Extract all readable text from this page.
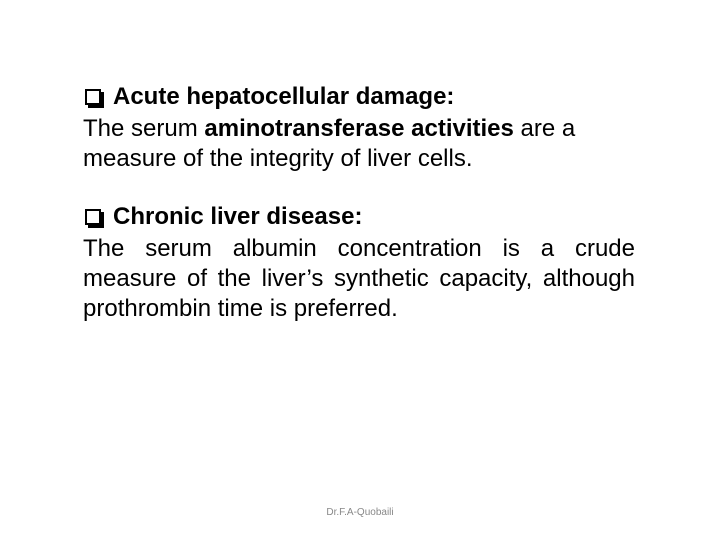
Acute hepatocellular damage:

The serum aminotransferase activities are a measure of the integrity of liver cells.

Chronic liver disease:

The serum albumin concentration is a crude measure of the liver’s synthetic capacity, although prothrombin time is preferred.

Dr.F.A-Quobaili
